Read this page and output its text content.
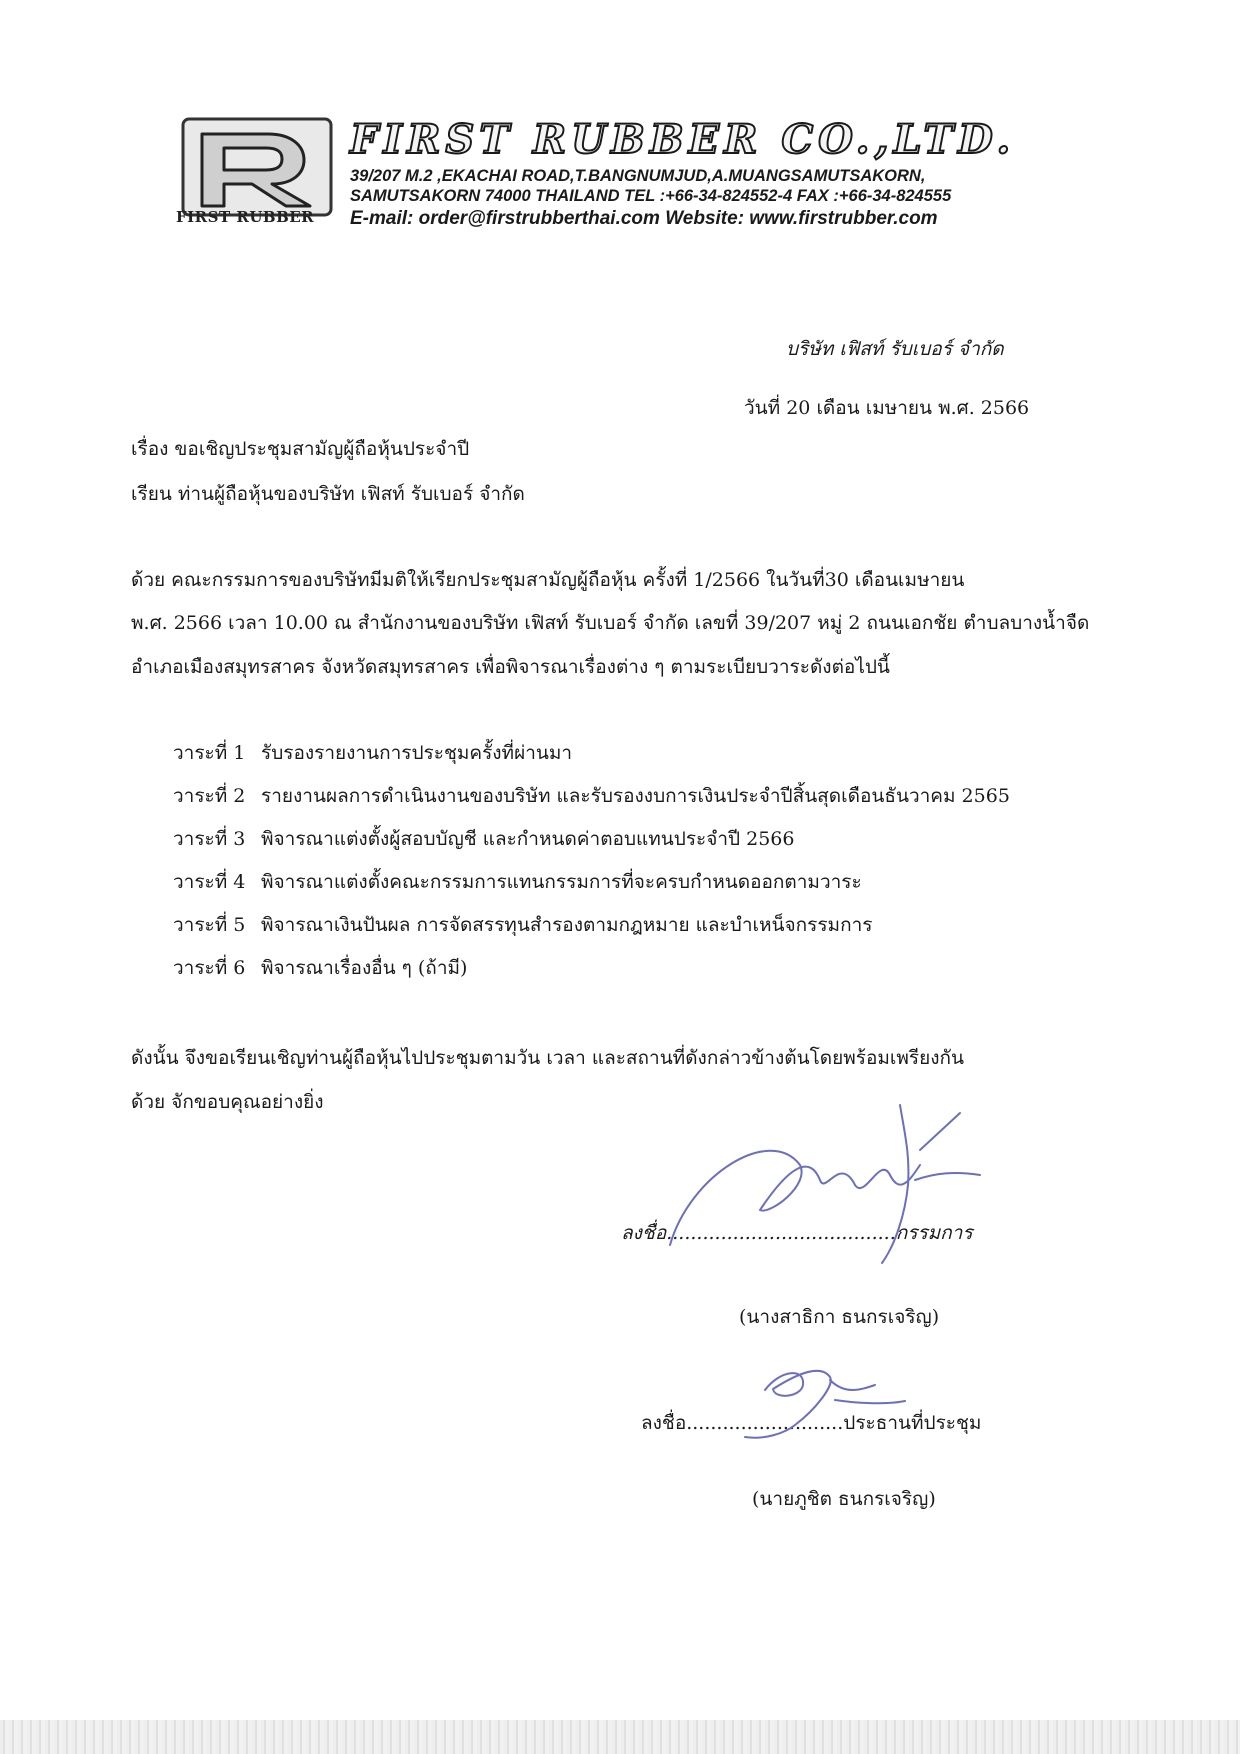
FIRST RUBBER
FIRST RUBBER CO.,LTD.
39/207 M.2 ,EKACHAI ROAD,T.BANGNUMJUD,A.MUANGSAMUTSAKORN,
SAMUTSAKORN 74000 THAILAND TEL :+66-34-824552-4 FAX :+66-34-824555
E-mail: order@firstrubberthai.com Website: www.firstrubber.com
บริษัท เฟิสท์ รับเบอร์ จำกัด
วันที่ 20 เดือน เมษายน พ.ศ. 2566
เรื่อง ขอเชิญประชุมสามัญผู้ถือหุ้นประจำปี
เรียน ท่านผู้ถือหุ้นของบริษัท เฟิสท์ รับเบอร์ จำกัด
ด้วย คณะกรรมการของบริษัทมีมติให้เรียกประชุมสามัญผู้ถือหุ้น ครั้งที่ 1/2566 ในวันที่30 เดือนเมษายน
พ.ศ. 2566 เวลา 10.00 ณ สำนักงานของบริษัท เฟิสท์ รับเบอร์ จำกัด เลขที่ 39/207 หมู่ 2 ถนนเอกชัย ตำบลบางน้ำจืด
อำเภอเมืองสมุทรสาคร จังหวัดสมุทรสาคร เพื่อพิจารณาเรื่องต่าง ๆ ตามระเบียบวาระดังต่อไปนี้
วาระที่ 1 รับรองรายงานการประชุมครั้งที่ผ่านมา
วาระที่ 2 รายงานผลการดำเนินงานของบริษัท และรับรองงบการเงินประจำปีสิ้นสุดเดือนธันวาคม 2565
วาระที่ 3 พิจารณาแต่งตั้งผู้สอบบัญชี และกำหนดค่าตอบแทนประจำปี 2566
วาระที่ 4 พิจารณาแต่งตั้งคณะกรรมการแทนกรรมการที่จะครบกำหนดออกตามวาระ
วาระที่ 5 พิจารณาเงินปันผล การจัดสรรทุนสำรองตามกฎหมาย และบำเหน็จกรรมการ
วาระที่ 6 พิจารณาเรื่องอื่น ๆ (ถ้ามี)
ดังนั้น จึงขอเรียนเชิญท่านผู้ถือหุ้นไปประชุมตามวัน เวลา และสถานที่ดังกล่าวข้างต้นโดยพร้อมเพรียงกัน
ด้วย จักขอบคุณอย่างยิ่ง
ลงชื่อ......................................กรรมการ
(นางสาธิกา ธนกรเจริญ)
ลงชื่อ..........................ประธานที่ประชุม
(นายภูชิต ธนกรเจริญ)
